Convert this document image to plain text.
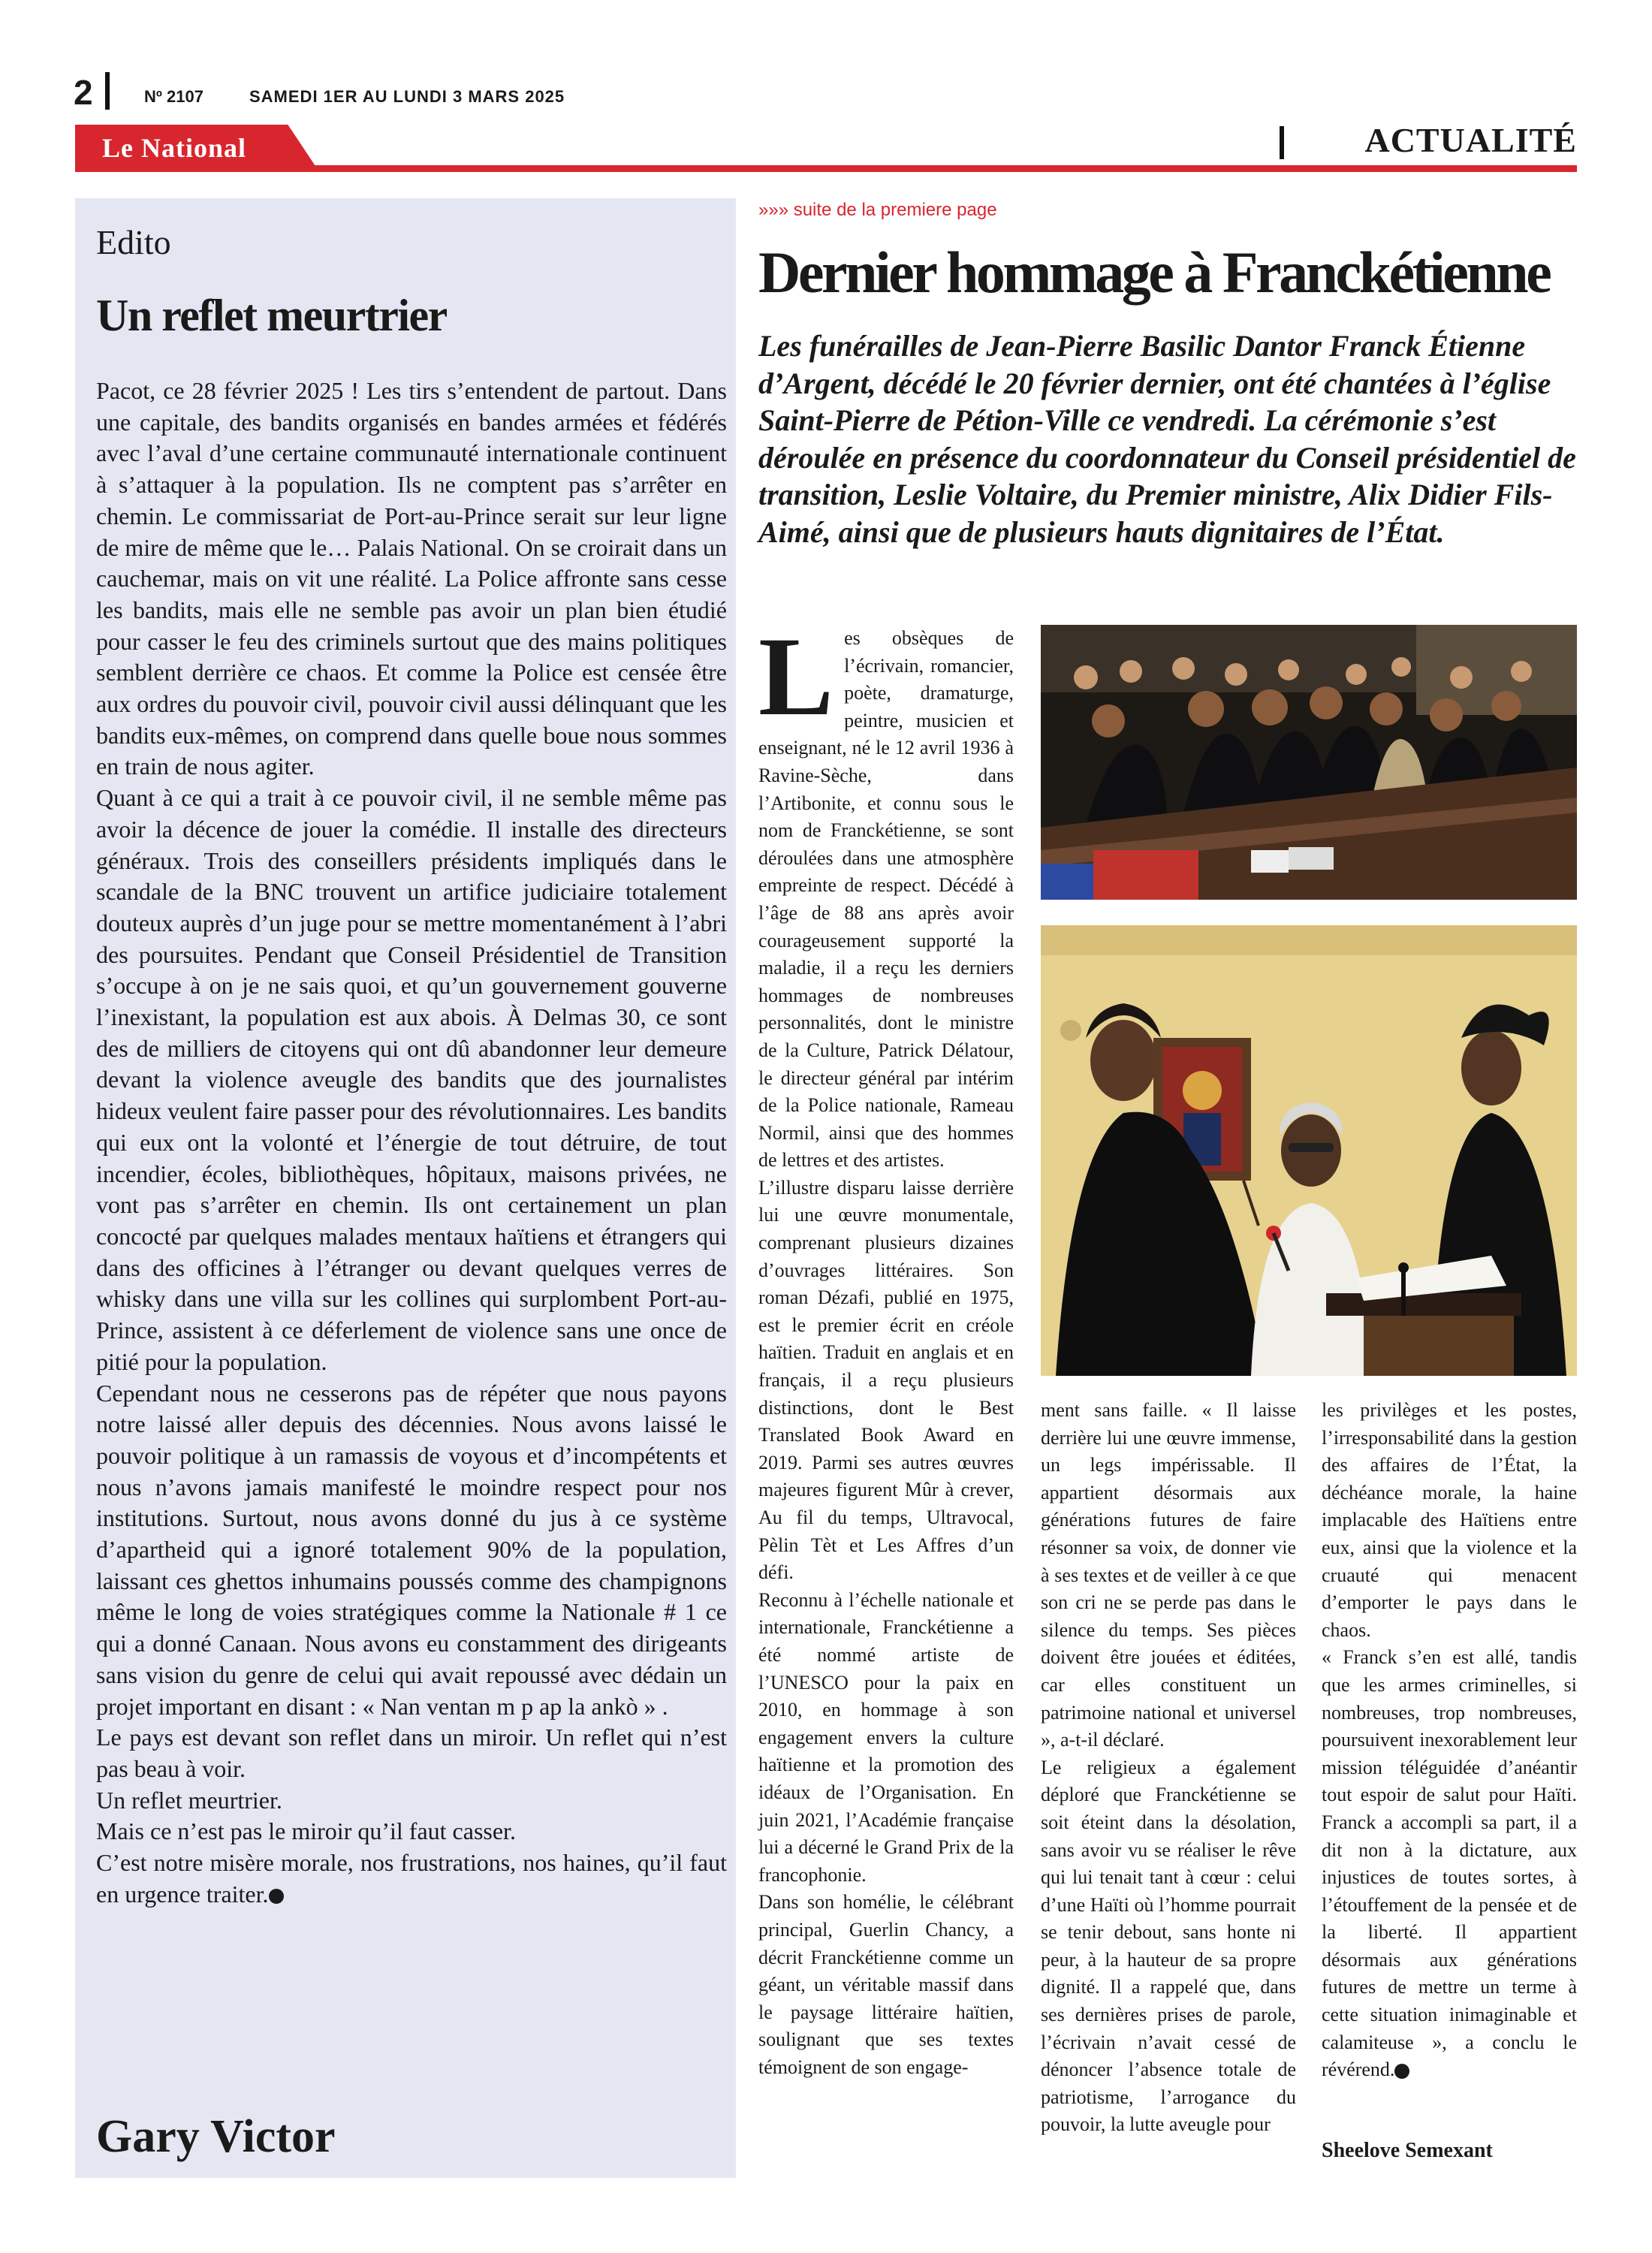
2	Nº 2107	SAMEDI 1ER AU LUNDI 3 MARS 2025
Le National	ACTUALITÉ
Edito
Un reflet meurtrier

Pacot, ce 28 février 2025 ! Les tirs s’entendent de partout. Dans une capitale, des bandits organisés en bandes armées et fédérés avec l’aval d’une certaine communauté internationale continuent à s’attaquer à la population. Ils ne comptent pas s’arrêter en chemin. Le commissariat de Port-au-Prince serait sur leur ligne de mire de même que le… Palais National. On se croirait dans un cauchemar, mais on vit une réalité. La Police affronte sans cesse les bandits, mais elle ne semble pas avoir un plan bien étudié pour casser le feu des criminels surtout que des mains politiques semblent derrière ce chaos. Et comme la Police est censée être aux ordres du pouvoir civil, pouvoir civil aussi délinquant que les bandits eux-mêmes, on comprend dans quelle boue nous sommes en train de nous agiter.

Quant à ce qui a trait à ce pouvoir civil, il ne semble même pas avoir la décence de jouer la comédie. Il installe des directeurs généraux. Trois des conseillers présidents impliqués dans le scandale de la BNC trouvent un artifice judiciaire totalement douteux auprès d’un juge pour se mettre momentanément à l’abri des poursuites. Pendant que Conseil Présidentiel de Transition s’occupe à on je ne sais quoi, et qu’un gouvernement gouverne l’inexistant, la population est aux abois. À Delmas 30, ce sont des de milliers de citoyens qui ont dû abandonner leur demeure devant la violence aveugle des bandits que des journalistes hideux veulent faire passer pour des révolutionnaires. Les bandits qui eux ont la volonté et l’énergie de tout détruire, de tout incendier, écoles, bibliothèques, hôpitaux, maisons privées, ne vont pas s’arrêter en chemin. Ils ont certainement un plan concocté par quelques malades mentaux haïtiens et étrangers qui dans des officines à l’étranger ou devant quelques verres de whisky dans une villa sur les collines qui surplombent Port-au-Prince, assistent à ce déferlement de violence sans une once de pitié pour la population.

Cependant nous ne cesserons pas de répéter que nous payons notre laissé aller depuis des décennies. Nous avons laissé le pouvoir politique à un ramassis de voyous et d’incompétents et nous n’avons jamais manifesté le moindre respect pour nos institutions. Surtout, nous avons donné du jus à ce système d’apartheid qui a ignoré totalement 90% de la population, laissant ces ghettos inhumains poussés comme des champignons même le long de voies stratégiques comme la Nationale # 1 ce qui a donné Canaan. Nous avons eu constamment des dirigeants sans vision du genre de celui qui avait repoussé avec dédain un projet important en disant : « Nan ventan m p ap la ankò » .

Le pays est devant son reflet dans un miroir. Un reflet qui n’est pas beau à voir.

Un reflet meurtrier.

Mais ce n’est pas le miroir qu’il faut casser.

C’est notre misère morale, nos frustrations, nos haines, qu’il faut en urgence traiter.

Gary Victor
»»» suite de la premiere page
Dernier hommage à Franckétienne
Les funérailles de Jean-Pierre Basilic Dantor Franck Étienne d’Argent, décédé le 20 février dernier, ont été chantées à l’église Saint-Pierre de Pétion-Ville ce vendredi. La cérémonie s’est déroulée en présence du coordonnateur du Conseil présidentiel de transition, Leslie Voltaire, du Premier ministre, Alix Didier Fils-Aimé, ainsi que de plusieurs hauts dignitaires de l’État.

Les obsèques de l’écrivain, romancier, poète, dramaturge, peintre, musicien et enseignant, né le 12 avril 1936 à Ravine-Sèche, dans l’Artibonite, et connu sous le nom de Franckétienne, se sont déroulées dans une atmosphère empreinte de respect. Décédé à l’âge de 88 ans après avoir courageusement supporté la maladie, il a reçu les derniers hommages de nombreuses personnalités, dont le ministre de la Culture, Patrick Délatour, le directeur général par intérim de la Police nationale, Rameau Normil, ainsi que des hommes de lettres et des artistes.

L’illustre disparu laisse derrière lui une œuvre monumentale, comprenant plusieurs dizaines d’ouvrages littéraires. Son roman Dézafi, publié en 1975, est le premier écrit en créole haïtien. Traduit en anglais et en français, il a reçu plusieurs distinctions, dont le Best Translated Book Award en 2019. Parmi ses autres œuvres majeures figurent Mûr à crever, Au fil du temps, Ultravocal, Pèlin Tèt et Les Affres d’un défi.

Reconnu à l’échelle nationale et internationale, Franckétienne a été nommé artiste de l’UNESCO pour la paix en 2010, en hommage à son engagement envers la culture haïtienne et la promotion des idéaux de l’Organisation. En juin 2021, l’Académie française lui a décerné le Grand Prix de la francophonie.

Dans son homélie, le célébrant principal, Guerlin Chancy, a décrit Franckétienne comme un géant, un véritable massif dans le paysage littéraire haïtien, soulignant que ses textes témoignent de son engage-

ment sans faille. « Il laisse derrière lui une œuvre immense, un legs impérissable. Il appartient désormais aux générations futures de faire résonner sa voix, de donner vie à ses textes et de veiller à ce que son cri ne se perde pas dans le silence du temps. Ses pièces doivent être jouées et éditées, car elles constituent un patrimoine national et universel », a-t-il déclaré.

Le religieux a également déploré que Franckétienne se soit éteint dans la désolation, sans avoir vu se réaliser le rêve qui lui tenait tant à cœur : celui d’une Haïti où l’homme pourrait se tenir debout, sans honte ni peur, à la hauteur de sa propre dignité. Il a rappelé que, dans ses dernières prises de parole, l’écrivain n’avait cessé de dénoncer l’absence totale de patriotisme, l’arrogance du pouvoir, la lutte aveugle pour

les privilèges et les postes, l’irresponsabilité dans la gestion des affaires de l’État, la déchéance morale, la haine implacable des Haïtiens entre eux, ainsi que la violence et la cruauté qui menacent d’emporter le pays dans le chaos.

« Franck s’en est allé, tandis que les armes criminelles, si nombreuses, trop nombreuses, poursuivent inexorablement leur mission téléguidée d’anéantir tout espoir de salut pour Haïti. Franck a accompli sa part, il a dit non à la dictature, aux injustices de toutes sortes, à l’étouffement de la pensée et de la liberté. Il appartient désormais aux générations futures de mettre un terme à cette situation inimaginable et calamiteuse », a conclu le révérend.

Sheelove Semexant
